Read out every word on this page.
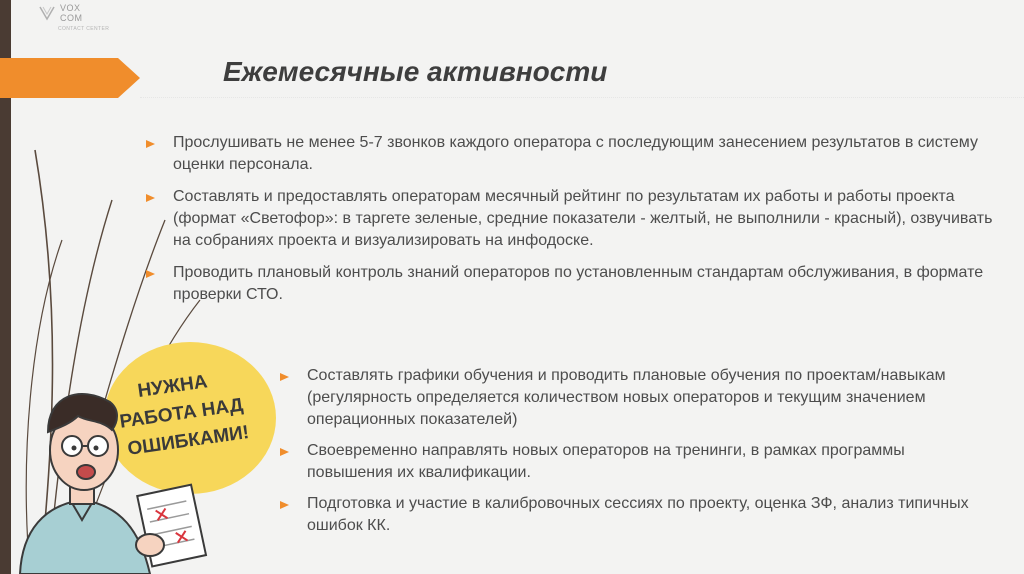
VOX
COM
CONTACT CENTER
Ежемесячные активности
Прослушивать не менее 5-7 звонков каждого оператора с последующим занесением результатов в систему оценки персонала.
Составлять и предоставлять операторам месячный рейтинг по результатам их работы и работы проекта (формат «Светофор»: в таргете зеленые, средние показатели - желтый, не выполнили - красный), озвучивать на собраниях проекта и визуализировать на инфодоске.
Проводить плановый контроль знаний операторов по установленным стандартам обслуживания, в формате проверки СТО.
НУЖНА РАБОТА НАД ОШИБКАМИ!
Составлять графики обучения и проводить плановые обучения по проектам/навыкам (регулярность определяется количеством новых операторов и текущим значением операционных показателей)
Своевременно направлять новых операторов на тренинги, в рамках программы повышения их квалификации.
Подготовка и участие в калибровочных сессиях по проекту, оценка ЗФ, анализ типичных ошибок КК.
